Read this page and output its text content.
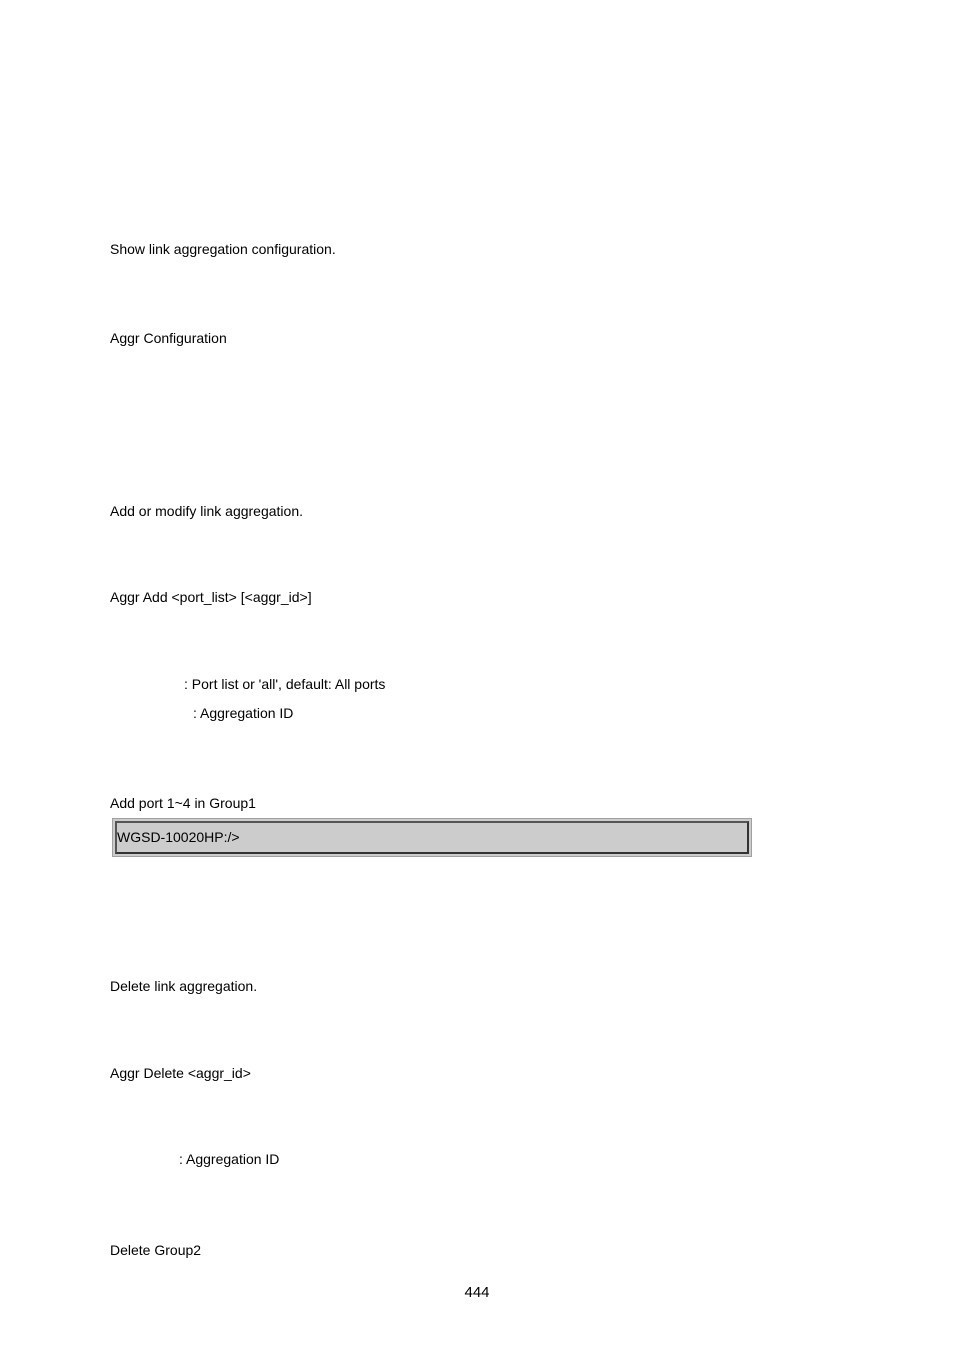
Show link aggregation configuration.
Aggr Configuration
Add or modify link aggregation.
Aggr Add <port_list> [<aggr_id>]
: Port list or 'all', default: All ports
: Aggregation ID
Add port 1~4 in Group1
WGSD-10020HP:/>
Delete link aggregation.
Aggr Delete <aggr_id>
: Aggregation ID
Delete Group2
444
